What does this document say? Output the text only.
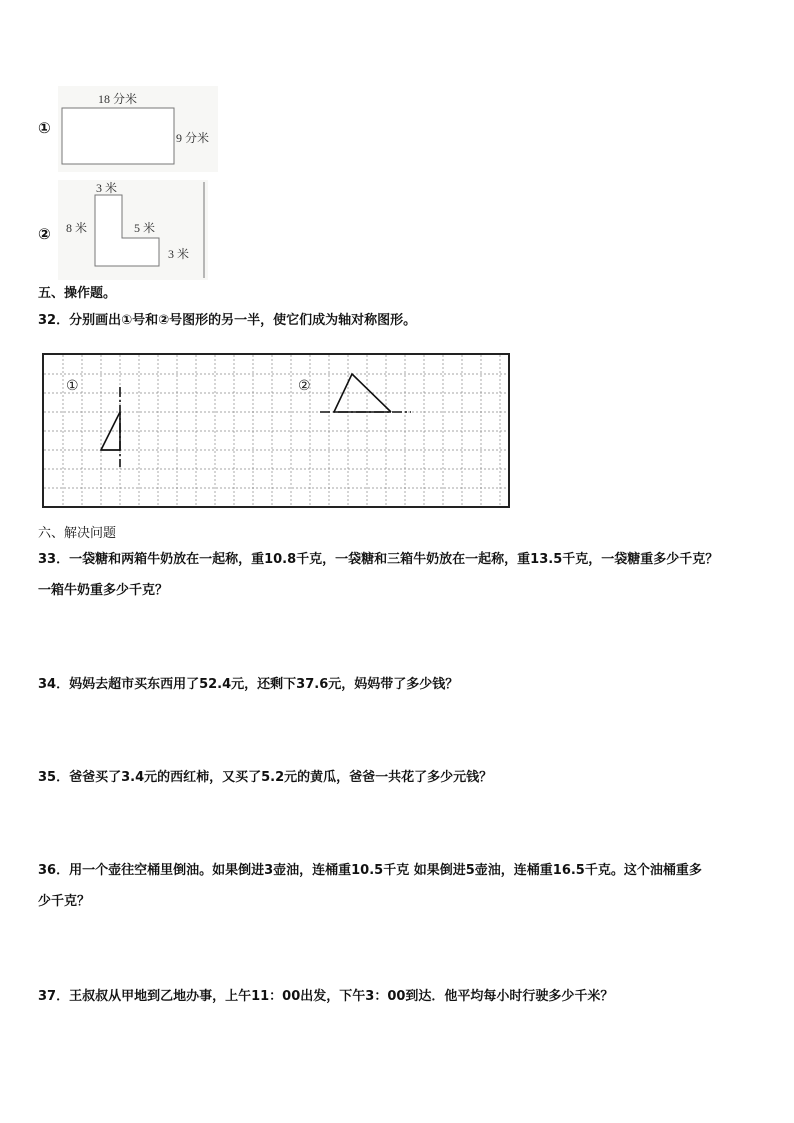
①
18 分米
9 分米
②
3 米
8 米	5 米
3 米
五、操作题。
32．分别画出①号和②号图形的另一半，使它们成为轴对称图形。
①	②
六、解决问题
33．一袋糖和两箱牛奶放在一起称，重10.8千克，一袋糖和三箱牛奶放在一起称，重13.5千克，一袋糖重多少千克？
一箱牛奶重多少千克？
34．妈妈去超市买东西用了52.4元，还剩下37.6元，妈妈带了多少钱？
35．爸爸买了3.4元的西红柿，又买了5.2元的黄瓜，爸爸一共花了多少元钱？
36．用一个壶往空桶里倒油。如果倒进3壶油，连桶重10.5千克 如果倒进5壶油，连桶重16.5千克。这个油桶重多
少千克？
37．王叔叔从甲地到乙地办事，上午11：00出发，下午3：00到达．他平均每小时行驶多少千米？
